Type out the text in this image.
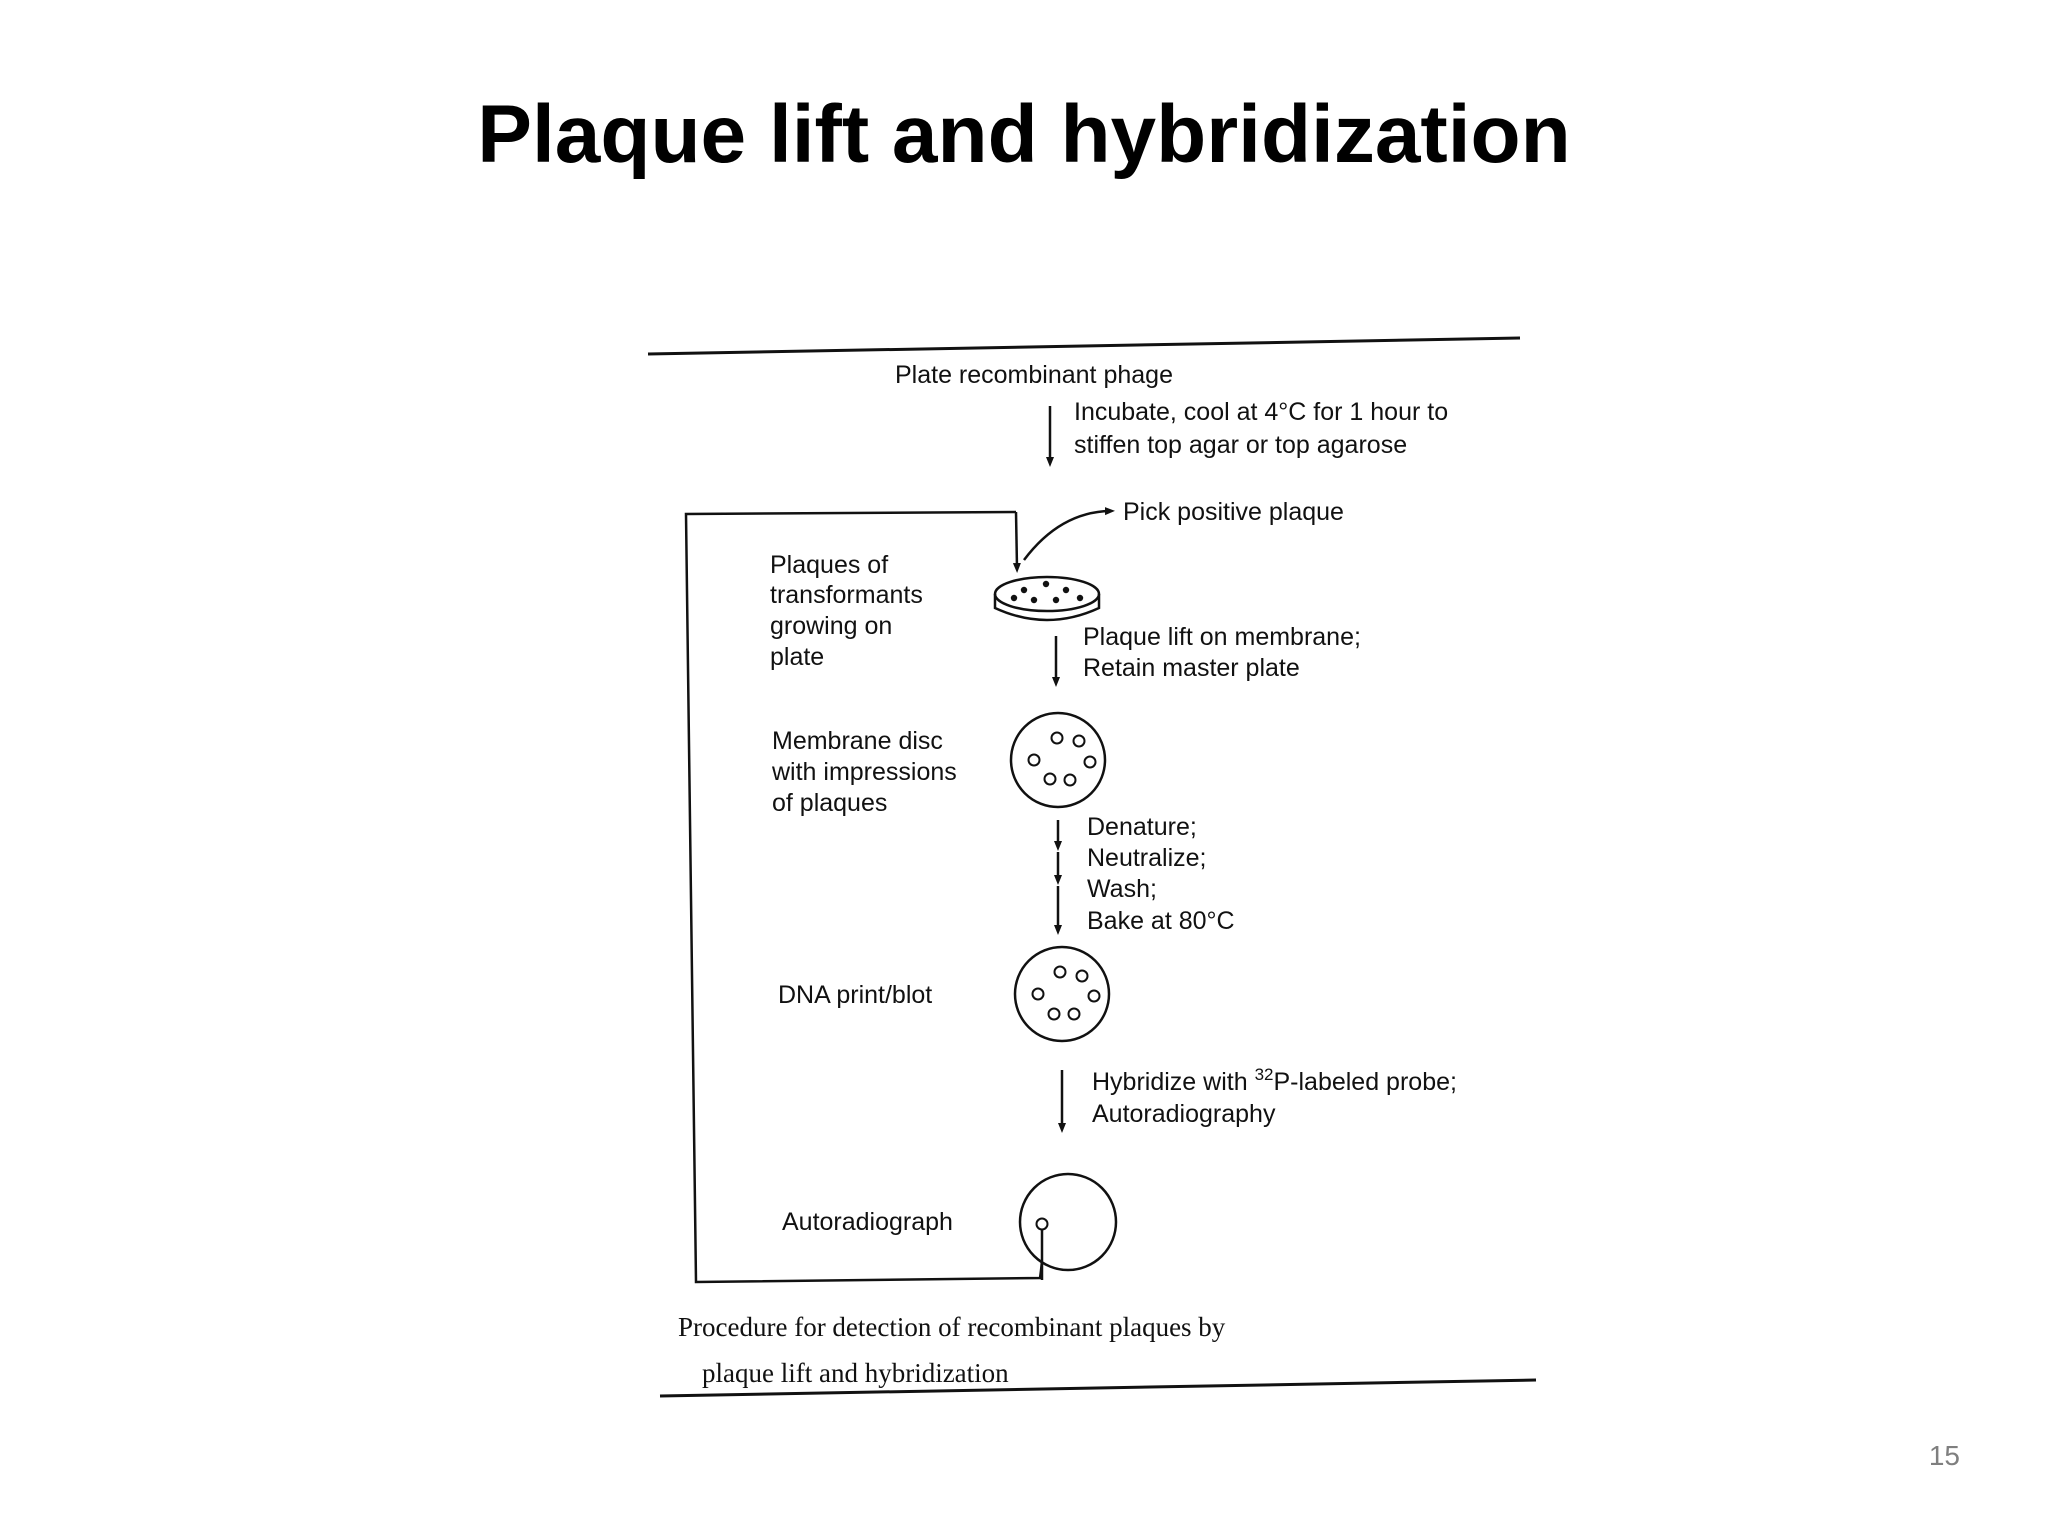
Plaque lift and hybridization
Plate recombinant phage
Incubate, cool at 4°C for 1 hour to
stiffen top agar or top agarose
Pick positive plaque
Plaques of
transformants
growing on
plate
Plaque lift on membrane;
Retain master plate
Membrane disc
with impressions
of plaques
Denature;
Neutralize;
Wash;
Bake at 80°C
DNA print/blot
Hybridize with $^{32}$P-labeled probe;
Autoradiography
Autoradiograph
Procedure for detection of recombinant plaques by
plaque lift and hybridization
15
